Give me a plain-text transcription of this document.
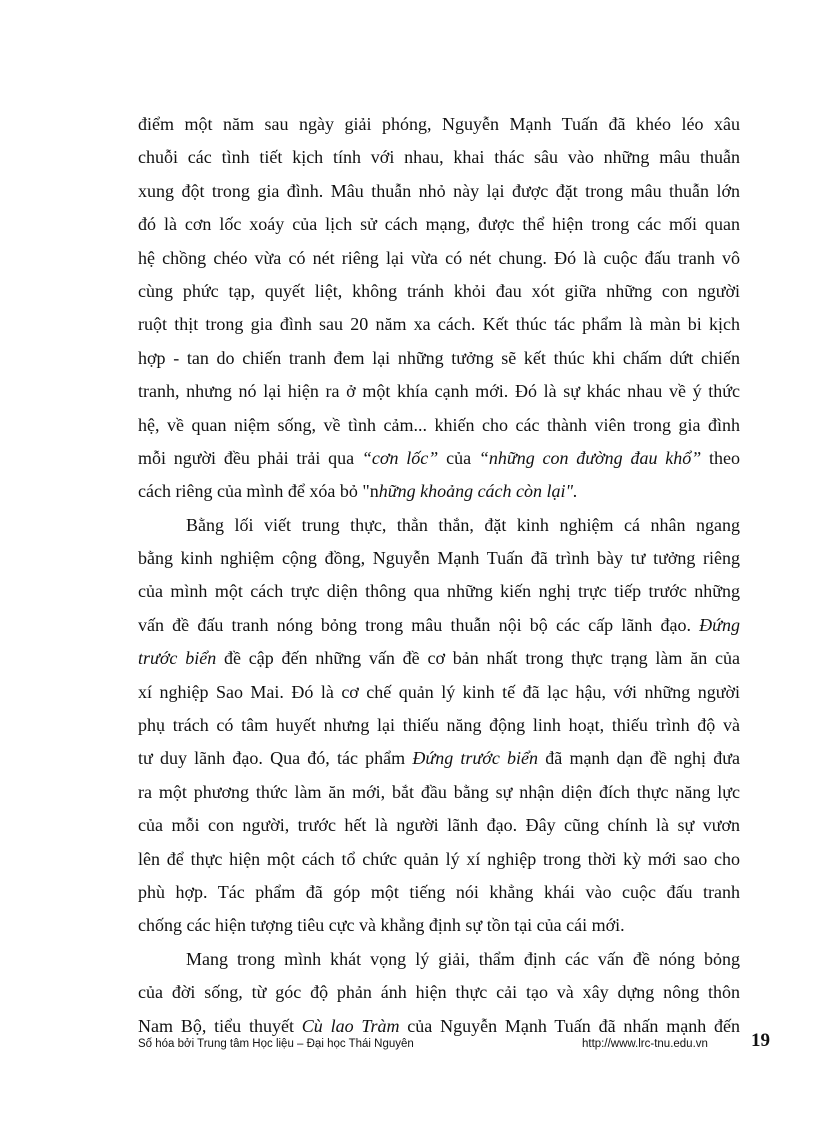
điểm một năm sau ngày giải phóng, Nguyễn Mạnh Tuấn đã khéo léo xâu
chuỗi các tình tiết kịch tính với nhau, khai thác sâu vào những mâu thuẫn
xung đột trong gia đình. Mâu thuẫn nhỏ này lại được đặt trong mâu thuẫn lớn
đó là cơn lốc xoáy của lịch sử cách mạng, được thể hiện trong các mối quan
hệ chồng chéo vừa có nét riêng lại vừa có nét chung. Đó là cuộc đấu tranh vô
cùng phức tạp, quyết liệt, không tránh khỏi đau xót giữa những con người
ruột thịt trong gia đình sau 20 năm xa cách. Kết thúc tác phẩm là màn bi kịch
hợp - tan do chiến tranh đem lại những tưởng sẽ kết thúc khi chấm dứt chiến
tranh, nhưng nó lại hiện ra ở một khía cạnh mới. Đó là sự khác nhau về ý thức
hệ, về quan niệm sống, về tình cảm... khiến cho các thành viên trong gia đình
mỗi người đều phải trải qua “cơn lốc” của “những con đường đau khổ” theo
cách riêng của mình để xóa bỏ "những khoảng cách còn lại".
Bằng lối viết trung thực, thẳn thắn, đặt kinh nghiệm cá nhân ngang
bằng kinh nghiệm cộng đồng, Nguyễn Mạnh Tuấn đã trình bày tư tưởng riêng
của mình một cách trực diện thông qua những kiến nghị trực tiếp trước những
vấn đề đấu tranh nóng bỏng trong mâu thuẫn nội bộ các cấp lãnh đạo. Đứng
trước biển đề cập đến những vấn đề cơ bản nhất trong thực trạng làm ăn của
xí nghiệp Sao Mai. Đó là cơ chế quản lý kinh tế đã lạc hậu, với những người
phụ trách có tâm huyết nhưng lại thiếu năng động linh hoạt, thiếu trình độ và
tư duy lãnh đạo. Qua đó, tác phẩm Đứng trước biển đã mạnh dạn đề nghị đưa
ra một phương thức làm ăn mới, bắt đầu bằng sự nhận diện đích thực năng lực
của mỗi con người, trước hết là người lãnh đạo. Đây cũng chính là sự vươn
lên để thực hiện một cách tổ chức quản lý xí nghiệp trong thời kỳ mới sao cho
phù hợp. Tác phẩm đã góp một tiếng nói khẳng khái vào cuộc đấu tranh
chống các hiện tượng tiêu cực và khẳng định sự tồn tại của cái mới.
Mang trong mình khát vọng lý giải, thẩm định các vấn đề nóng bỏng
của đời sống, từ góc độ phản ánh hiện thực cải tạo và xây dựng nông thôn
Nam Bộ, tiểu thuyết Cù lao Tràm của Nguyễn Mạnh Tuấn đã nhấn mạnh đến
Số hóa bởi Trung tâm Học liệu – Đại học Thái Nguyên	http://www.lrc-tnu.edu.vn 19
